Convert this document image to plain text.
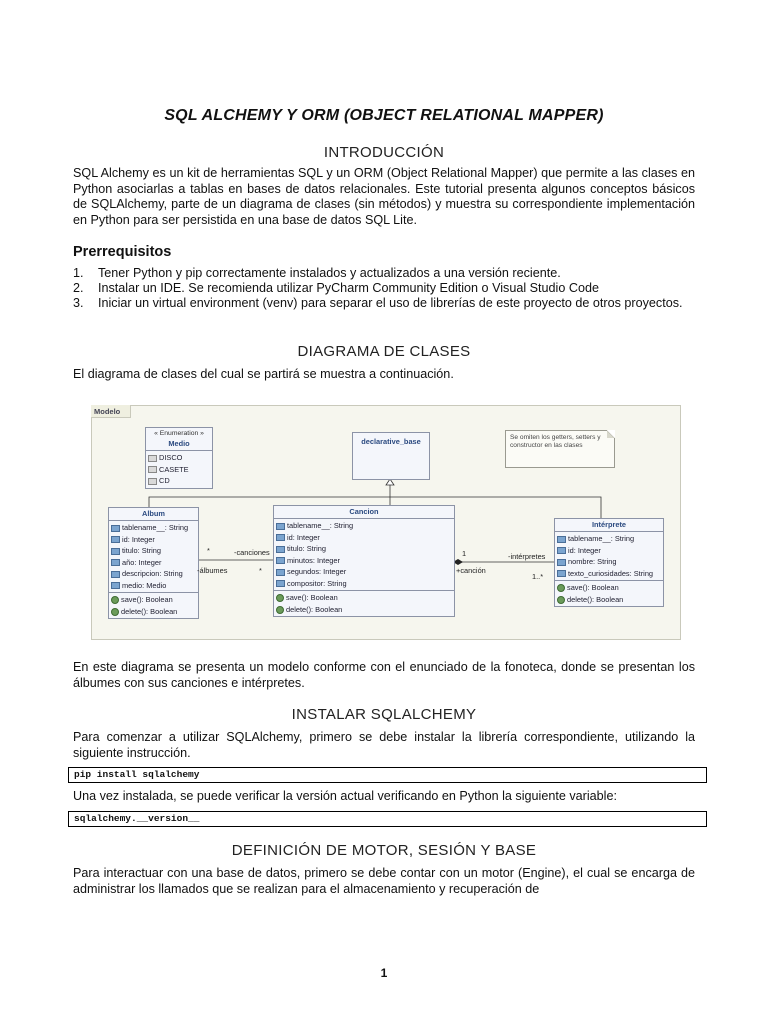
SQL ALCHEMY Y ORM (OBJECT RELATIONAL MAPPER)
INTRODUCCIÓN

SQL Alchemy es un kit de herramientas SQL y un ORM (Object Relational Mapper) que permite a las clases en Python asociarlas a tablas en bases de datos relacionales. Este tutorial presenta algunos conceptos básicos de SQLAlchemy, parte de un diagrama de clases (sin métodos) y muestra su correspondiente implementación en Python para ser persistida en una base de datos SQL Lite.

Prerrequisitos
1. Tener Python y pip correctamente instalados y actualizados a una versión reciente.
2. Instalar un IDE. Se recomienda utilizar PyCharm Community Edition o Visual Studio Code
3. Iniciar un virtual environment (venv) para separar el uso de librerías de este proyecto de otros proyectos.
DIAGRAMA DE CLASES

El diagrama de clases del cual se partirá se muestra a continuación.

Modelo
« Enumeration »
Medio
DISCO
CASETE
CD
declarative_base	Se omiten los getters, setters y constructor en las clases
Album
tablename__: String
id: Integer
titulo: String
año: Integer
descripcion: String
medio: Medio
save(): Boolean
delete(): Boolean
Cancion
tablename__: String
id: Integer
titulo: String
minutos: Integer
segundos: Integer
compositor: String
save(): Boolean
delete(): Boolean
Intérprete
tablename__: String
id: Integer
nombre: String
texto_curiosidades: String
save(): Boolean
delete(): Boolean
*	-canciones
-álbumes	*
1	-intérpretes
+canción
1..*

En este diagrama se presenta un modelo conforme con el enunciado de la fonoteca, donde se presentan los álbumes con sus canciones e intérpretes.

INSTALAR SQLALCHEMY

Para comenzar a utilizar SQLAlchemy, primero se debe instalar la librería correspondiente, utilizando la siguiente instrucción.

pip install sqlalchemy

Una vez instalada, se puede verificar la versión actual verificando en Python la siguiente variable:

sqlalchemy.__version__
DEFINICIÓN DE MOTOR, SESIÓN Y BASE

Para interactuar con una base de datos, primero se debe contar con un motor (Engine), el cual se encarga de administrar los llamados que se realizan para el almacenamiento y recuperación de

1
